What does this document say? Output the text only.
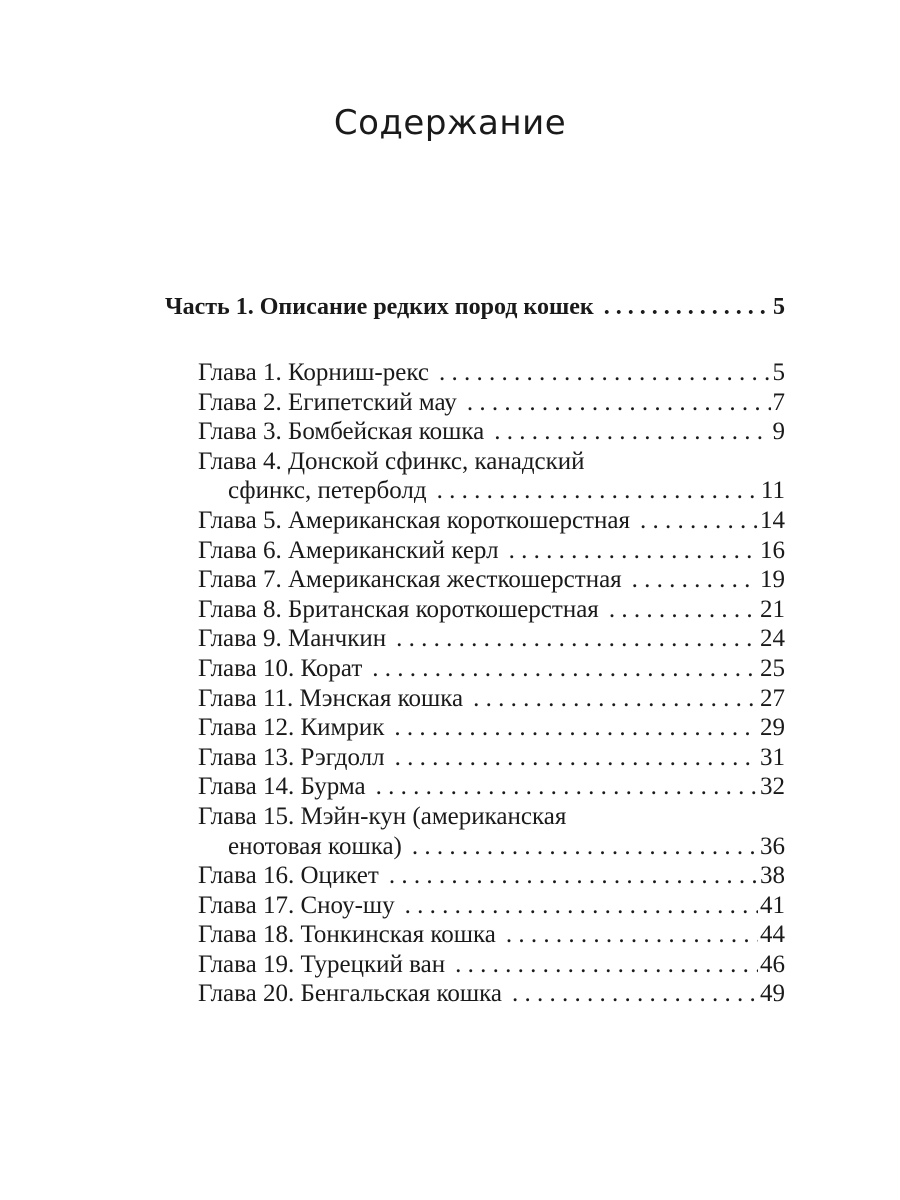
Содержание
Часть 1. Описание редких пород кошек . . .	5
Глава 1. Корниш-рекс . . .	5
Глава 2. Египетский мау . . .	7
Глава 3. Бомбейская кошка . . .	9
Глава 4. Донской сфинкс, канадский
сфинкс, петерболд . . .	11
Глава 5. Американская короткошерстная . . .	14
Глава 6. Американский керл . . .	16
Глава 7. Американская жесткошерстная . . .	19
Глава 8. Британская короткошерстная . . .	21
Глава 9. Манчкин . . .	24
Глава 10. Корат . . .	25
Глава 11. Мэнская кошка . . .	27
Глава 12. Кимрик . . .	29
Глава 13. Рэгдолл . . .	31
Глава 14. Бурма . . .	32
Глава 15. Мэйн-кун (американская
енотовая кошка) . . .	36
Глава 16. Оцикет . . .	38
Глава 17. Сноу-шу . . .	41
Глава 18. Тонкинская кошка . . .	44
Глава 19. Турецкий ван . . .	46
Глава 20. Бенгальская кошка . . .	49
